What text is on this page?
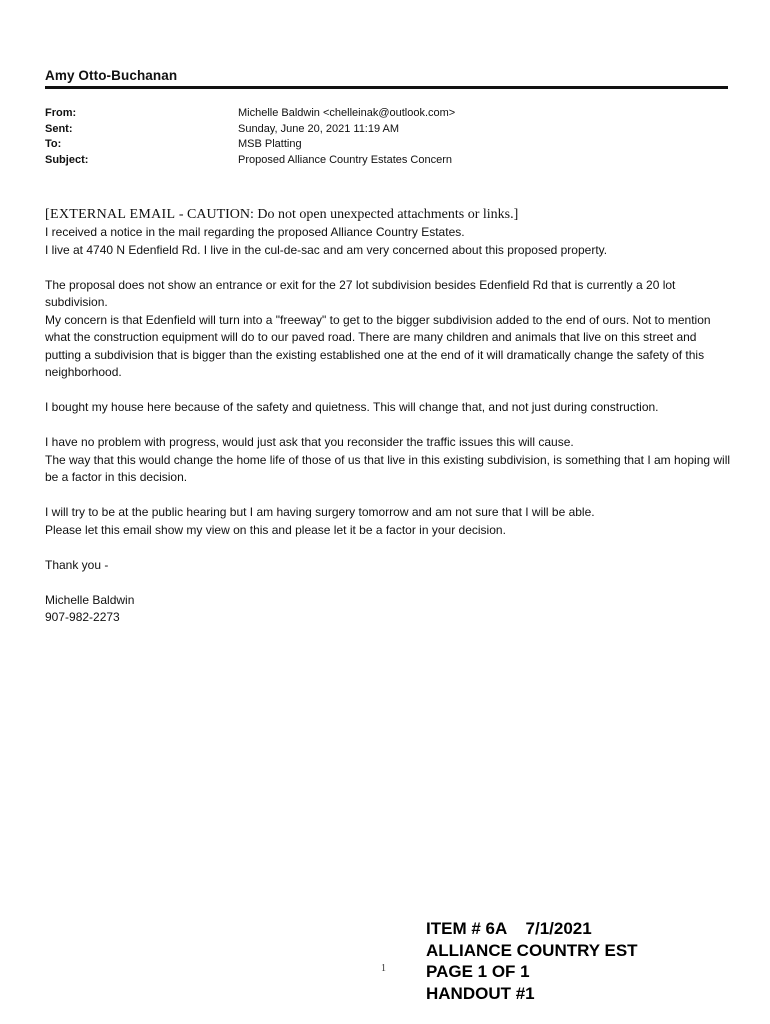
Amy Otto-Buchanan
From:	Michelle Baldwin <chelleinak@outlook.com>
Sent:	Sunday, June 20, 2021 11:19 AM
To:	MSB Platting
Subject:	Proposed Alliance Country Estates Concern
[EXTERNAL EMAIL - CAUTION: Do not open unexpected attachments or links.]

I received a notice in the mail regarding the proposed Alliance Country Estates.

I live at 4740 N Edenfield Rd. I live in the cul-de-sac and am very concerned about this proposed property.

The proposal does not show an entrance or exit for the 27 lot subdivision besides Edenfield Rd that is currently a 20 lot subdivision.

My concern is that Edenfield will turn into a "freeway" to get to the bigger subdivision added to the end of ours. Not to mention what the construction equipment will do to our paved road. There are many children and animals that live on this street and putting a subdivision that is bigger than the existing established one at the end of it will dramatically change the safety of this neighborhood.

I bought my house here because of the safety and quietness. This will change that, and not just during construction.

I have no problem with progress, would just ask that you reconsider the traffic issues this will cause.

The way that this would change the home life of those of us that live in this existing subdivision, is something that I am hoping will be a factor in this decision.

I will try to be at the public hearing but I am having surgery tomorrow and am not sure that I will be able.

Please let this email show my view on this and please let it be a factor in your decision.

Thank you -

Michelle Baldwin

907-982-2273

1
ITEM # 6A 7/1/2021
ALLIANCE COUNTRY EST
PAGE 1 OF 1
HANDOUT #1
